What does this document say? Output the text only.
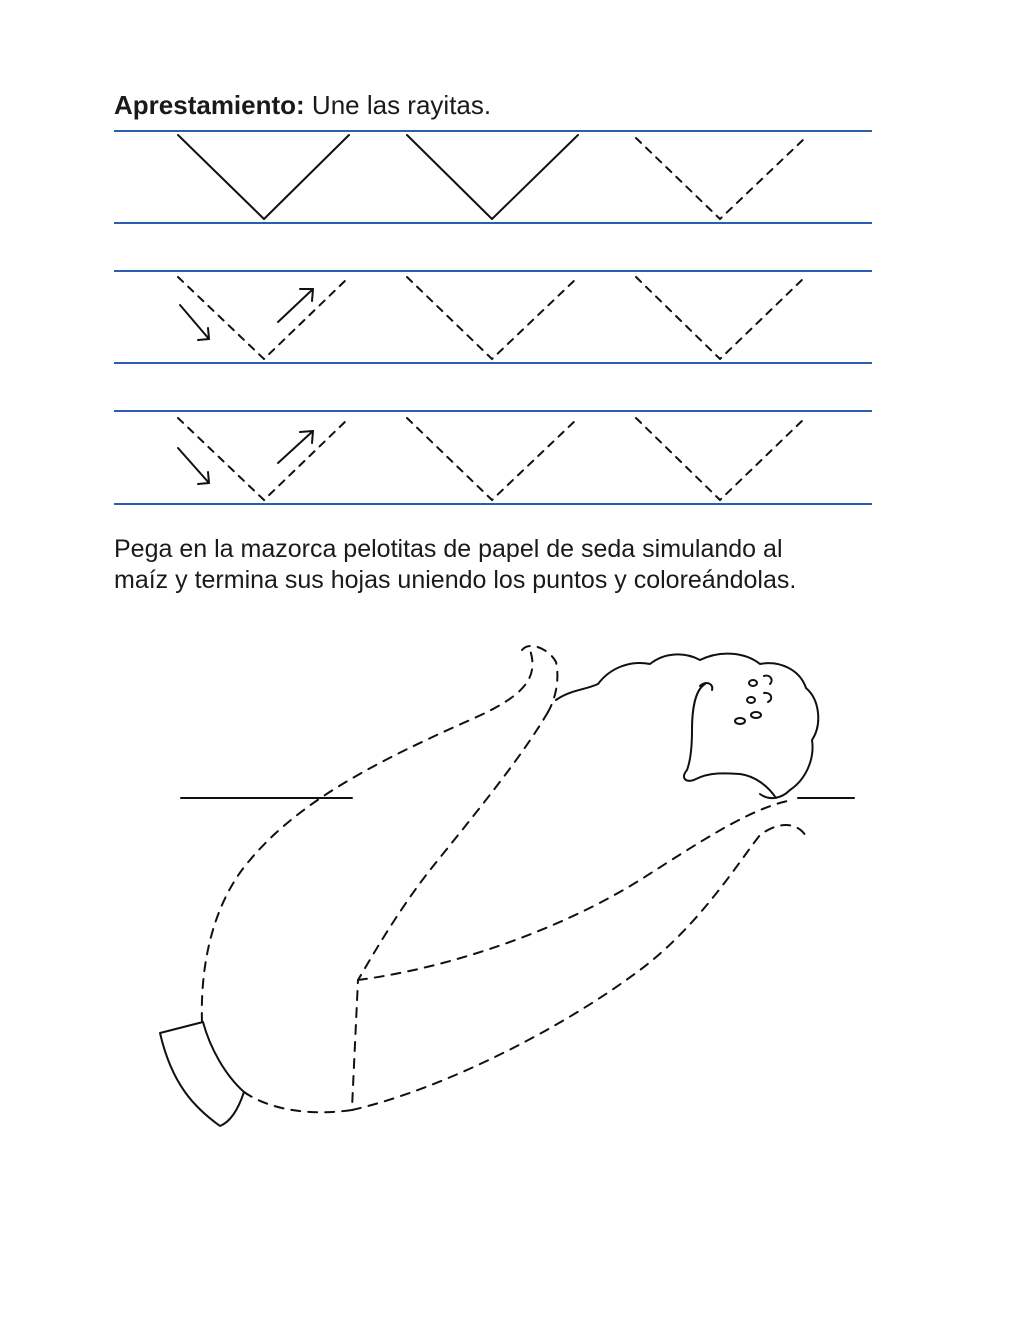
Aprestamiento: Une las rayitas.

Pega en la mazorca pelotitas de papel de seda simulando al

maíz y termina sus hojas uniendo los puntos y coloreándolas.
